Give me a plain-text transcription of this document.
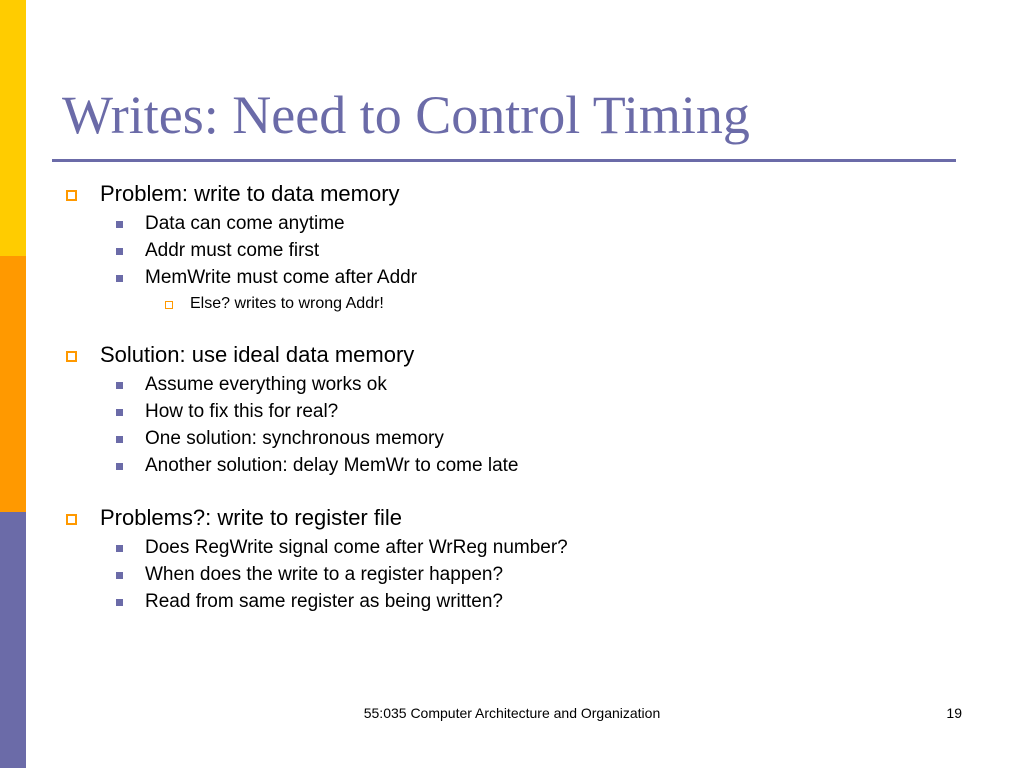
Writes: Need to Control Timing
Problem: write to data memory
Data can come anytime
Addr must come first
MemWrite must come after Addr
Else? writes to wrong Addr!
Solution: use ideal data memory
Assume everything works ok
How to fix this for real?
One solution: synchronous memory
Another solution: delay MemWr to come late
Problems?: write to register file
Does RegWrite signal come after WrReg number?
When does the write to a register happen?
Read from same register as being written?
55:035 Computer Architecture and Organization	19
